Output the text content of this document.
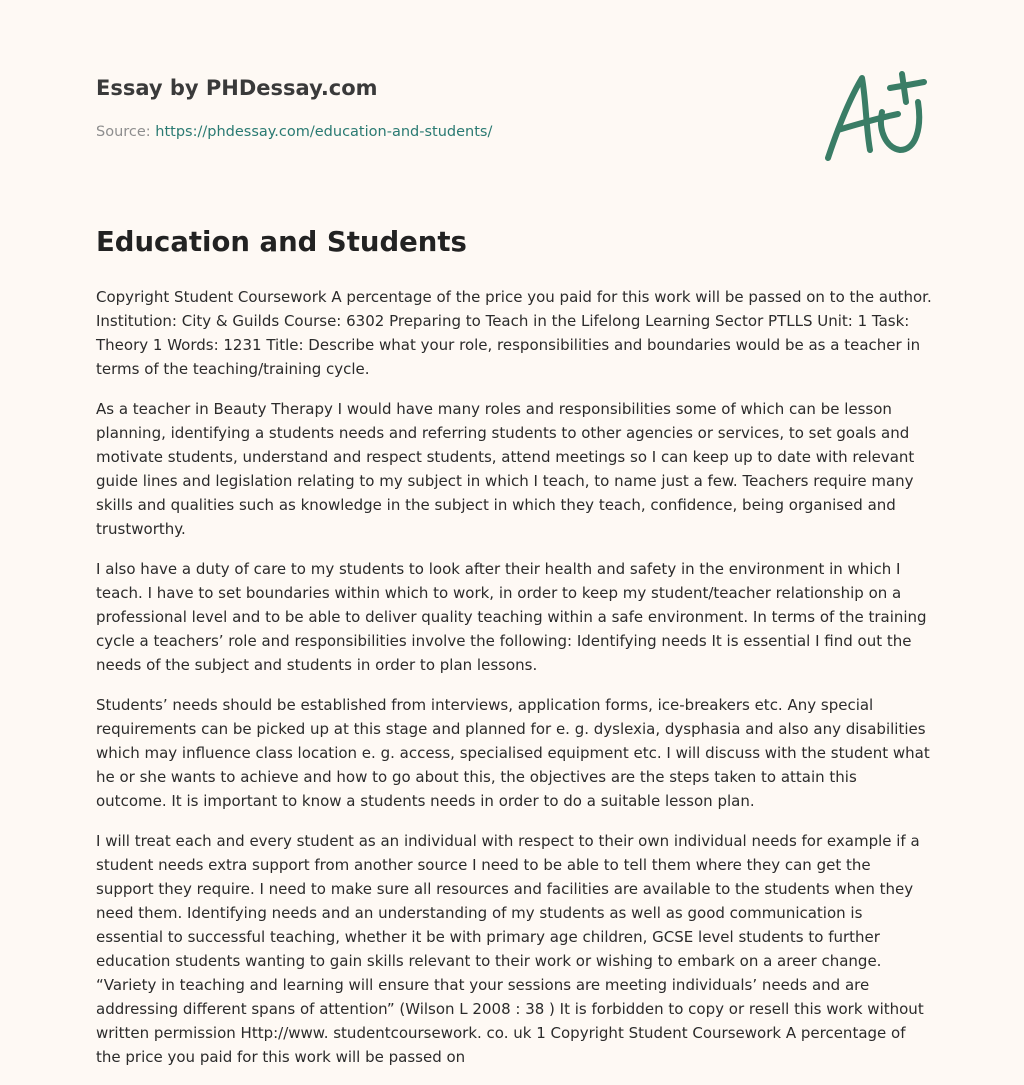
Essay by PHDessay.com
Source: https://phdessay.com/education-and-students/
Education and Students

Copyright Student Coursework A percentage of the price you paid for this work will be passed on to the author. Institution: City & Guilds Course: 6302 Preparing to Teach in the Lifelong Learning Sector PTLLS Unit: 1 Task: Theory 1 Words: 1231 Title: Describe what your role, responsibilities and boundaries would be as a teacher in terms of the teaching/training cycle.

As a teacher in Beauty Therapy I would have many roles and responsibilities some of which can be lesson planning, identifying a students needs and referring students to other agencies or services, to set goals and motivate students, understand and respect students, attend meetings so I can keep up to date with relevant guide lines and legislation relating to my subject in which I teach, to name just a few. Teachers require many skills and qualities such as knowledge in the subject in which they teach, confidence, being organised and trustworthy.

I also have a duty of care to my students to look after their health and safety in the environment in which I teach. I have to set boundaries within which to work, in order to keep my student/teacher relationship on a professional level and to be able to deliver quality teaching within a safe environment. In terms of the training cycle a teachers’ role and responsibilities involve the following: Identifying needs It is essential I find out the needs of the subject and students in order to plan lessons.

Students’ needs should be established from interviews, application forms, ice-breakers etc. Any special requirements can be picked up at this stage and planned for e. g. dyslexia, dysphasia and also any disabilities which may influence class location e. g. access, specialised equipment etc. I will discuss with the student what he or she wants to achieve and how to go about this, the objectives are the steps taken to attain this outcome. It is important to know a students needs in order to do a suitable lesson plan.

I will treat each and every student as an individual with respect to their own individual needs for example if a student needs extra support from another source I need to be able to tell them where they can get the support they require. I need to make sure all resources and facilities are available to the students when they need them. Identifying needs and an understanding of my students as well as good communication is essential to successful teaching, whether it be with primary age children, GCSE level students to further education students wanting to gain skills relevant to their work or wishing to embark on a areer change. “Variety in teaching and learning will ensure that your sessions are meeting individuals’ needs and are addressing different spans of attention” (Wilson L 2008 : 38 ) It is forbidden to copy or resell this work without written permission Http://www. studentcoursework. co. uk 1 Copyright Student Coursework A percentage of the price you paid for this work will be passed on
